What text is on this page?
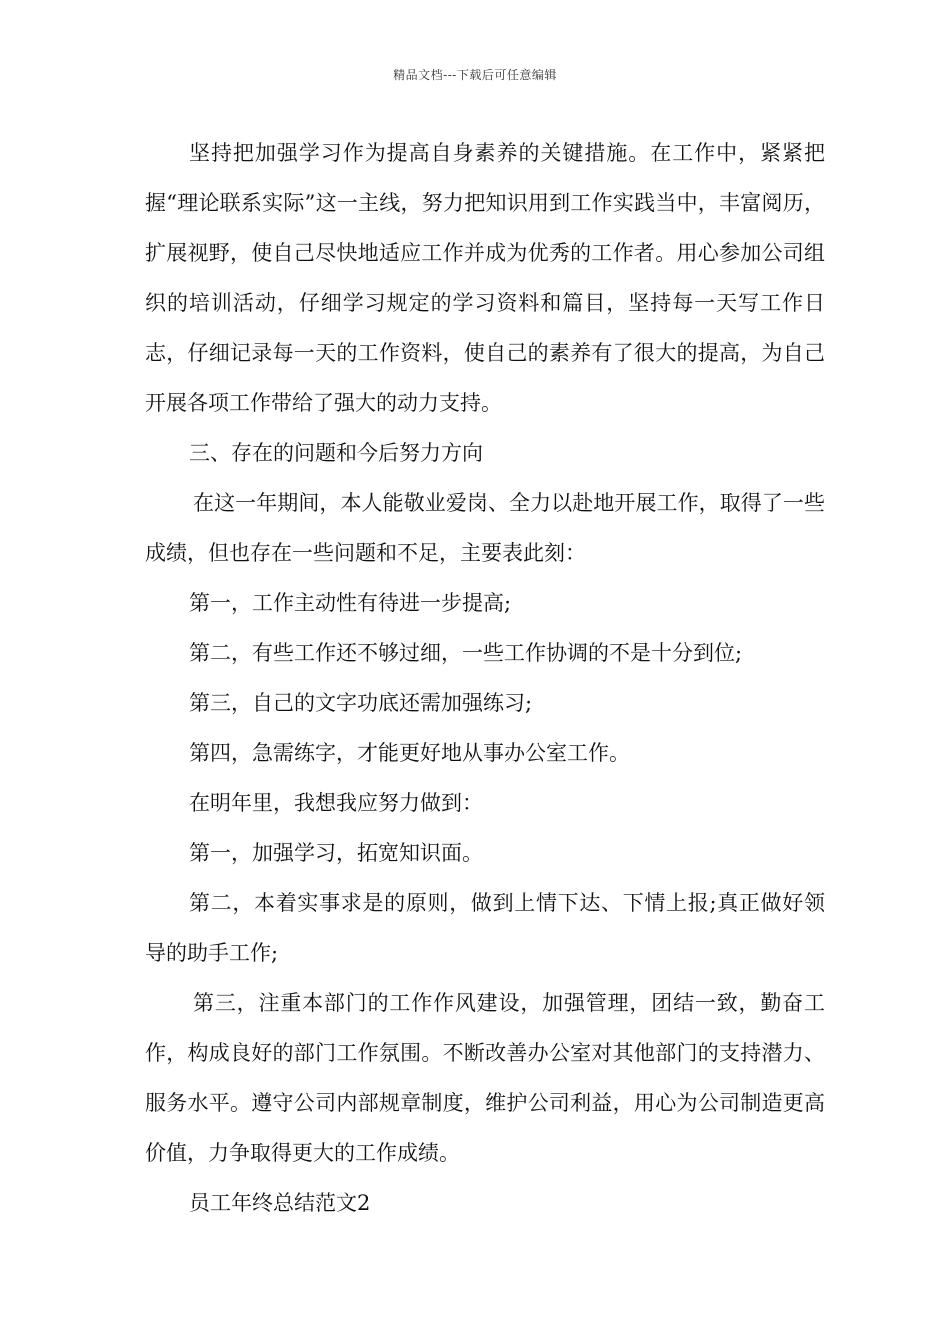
精品文档---下载后可任意编辑

坚持把加强学习作为提高自身素养的关键措施。在工作中，紧紧把握“理论联系实际”这一主线，努力把知识用到工作实践当中，丰富阅历，扩展视野，使自己尽快地适应工作并成为优秀的工作者。用心参加公司组织的培训活动，仔细学习规定的学习资料和篇目，坚持每一天写工作日志，仔细记录每一天的工作资料，使自己的素养有了很大的提高，为自己开展各项工作带给了强大的动力支持。

三、存在的问题和今后努力方向

在这一年期间，本人能敬业爱岗、全力以赴地开展工作，取得了一些成绩，但也存在一些问题和不足，主要表此刻：

第一，工作主动性有待进一步提高;

第二，有些工作还不够过细，一些工作协调的不是十分到位;

第三，自己的文字功底还需加强练习;

第四，急需练字，才能更好地从事办公室工作。

在明年里，我想我应努力做到：

第一，加强学习，拓宽知识面。

第二，本着实事求是的原则，做到上情下达、下情上报;真正做好领导的助手工作;

第三，注重本部门的工作作风建设，加强管理，团结一致，勤奋工作，构成良好的部门工作氛围。不断改善办公室对其他部门的支持潜力、服务水平。遵守公司内部规章制度，维护公司利益，用心为公司制造更高价值，力争取得更大的工作成绩。

员工年终总结范文2
